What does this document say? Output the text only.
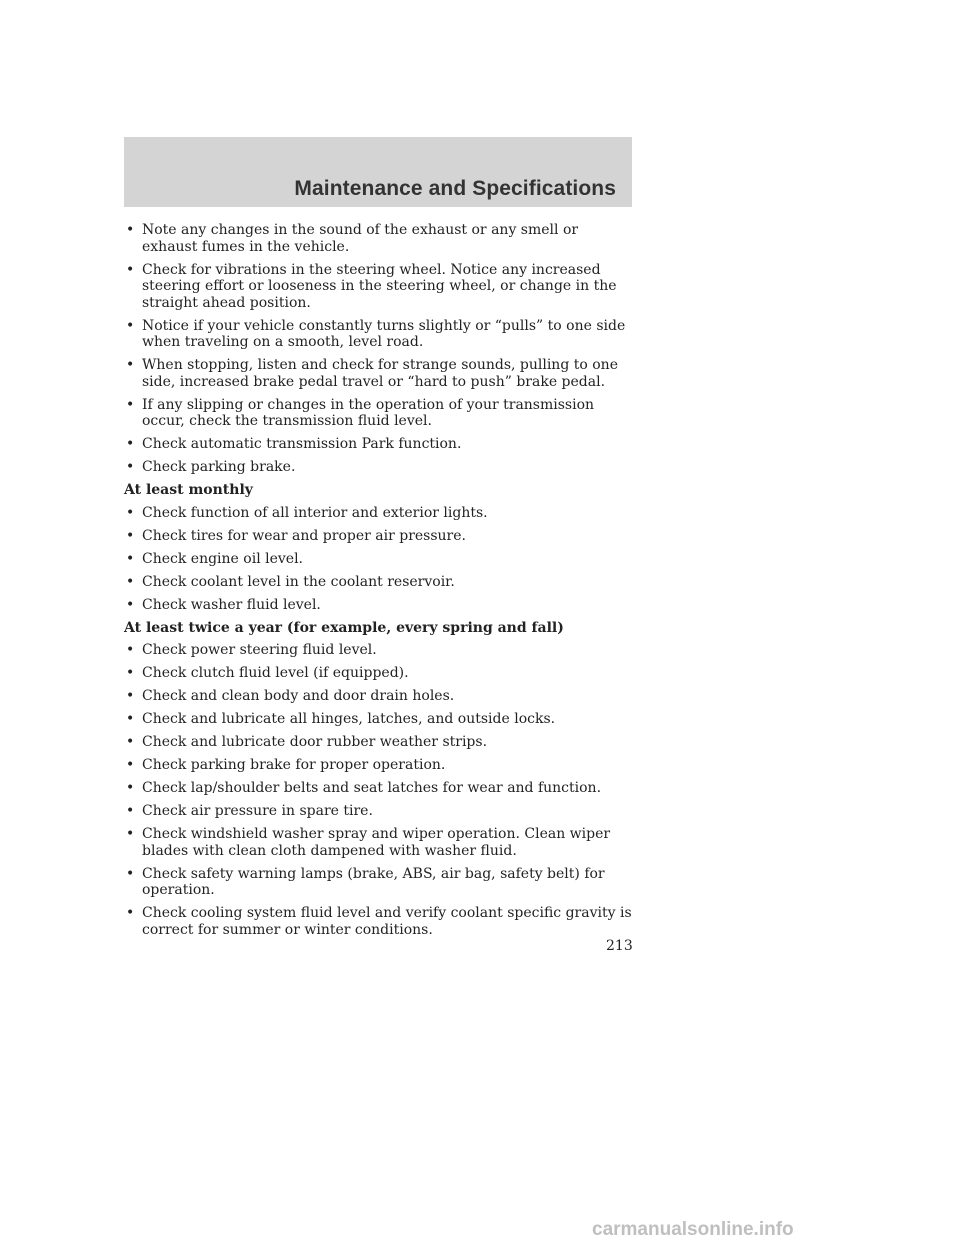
Maintenance and Specifications
• Note any changes in the sound of the exhaust or any smell or exhaust fumes in the vehicle.
• Check for vibrations in the steering wheel. Notice any increased steering effort or looseness in the steering wheel, or change in the straight ahead position.
• Notice if your vehicle constantly turns slightly or “pulls” to one side when traveling on a smooth, level road.
• When stopping, listen and check for strange sounds, pulling to one side, increased brake pedal travel or “hard to push” brake pedal.
• If any slipping or changes in the operation of your transmission occur, check the transmission fluid level.
• Check automatic transmission Park function.
• Check parking brake.
At least monthly
• Check function of all interior and exterior lights.
• Check tires for wear and proper air pressure.
• Check engine oil level.
• Check coolant level in the coolant reservoir.
• Check washer fluid level.
At least twice a year (for example, every spring and fall)
• Check power steering fluid level.
• Check clutch fluid level (if equipped).
• Check and clean body and door drain holes.
• Check and lubricate all hinges, latches, and outside locks.
• Check and lubricate door rubber weather strips.
• Check parking brake for proper operation.
• Check lap/shoulder belts and seat latches for wear and function.
• Check air pressure in spare tire.
• Check windshield washer spray and wiper operation. Clean wiper blades with clean cloth dampened with washer fluid.
• Check safety warning lamps (brake, ABS, air bag, safety belt) for operation.
• Check cooling system fluid level and verify coolant specific gravity is correct for summer or winter conditions.
213
carmanualsonline.info
